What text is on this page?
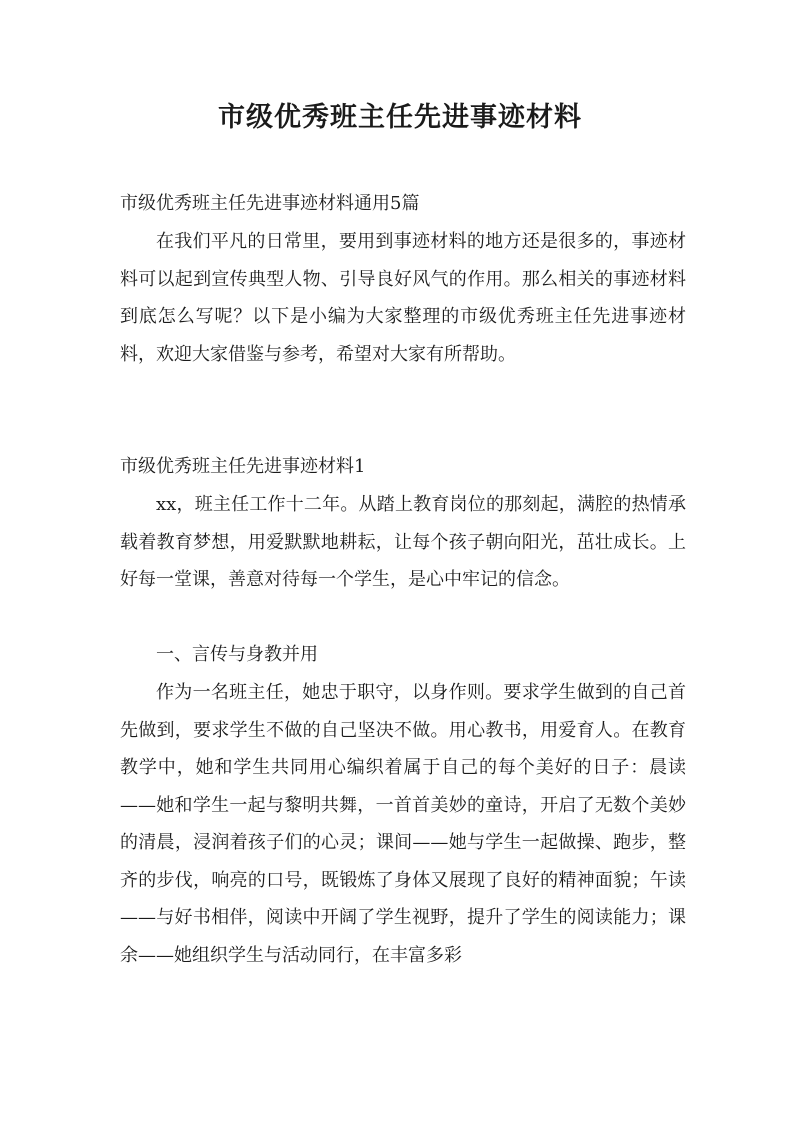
市级优秀班主任先进事迹材料

市级优秀班主任先进事迹材料通用5篇

在我们平凡的日常里，要用到事迹材料的地方还是很多的，事迹材料可以起到宣传典型人物、引导良好风气的作用。那么相关的事迹材料到底怎么写呢？以下是小编为大家整理的市级优秀班主任先进事迹材料，欢迎大家借鉴与参考，希望对大家有所帮助。

市级优秀班主任先进事迹材料1

xx，班主任工作十二年。从踏上教育岗位的那刻起，满腔的热情承载着教育梦想，用爱默默地耕耘，让每个孩子朝向阳光，茁壮成长。上好每一堂课，善意对待每一个学生，是心中牢记的信念。

一、言传与身教并用

作为一名班主任，她忠于职守，以身作则。要求学生做到的自己首先做到，要求学生不做的自己坚决不做。用心教书，用爱育人。在教育教学中，她和学生共同用心编织着属于自己的每个美好的日子：晨读——她和学生一起与黎明共舞，一首首美妙的童诗，开启了无数个美妙的清晨，浸润着孩子们的心灵；课间——她与学生一起做操、跑步，整齐的步伐，响亮的口号，既锻炼了身体又展现了良好的精神面貌；午读——与好书相伴，阅读中开阔了学生视野，提升了学生的阅读能力；课余——她组织学生与活动同行，在丰富多彩
